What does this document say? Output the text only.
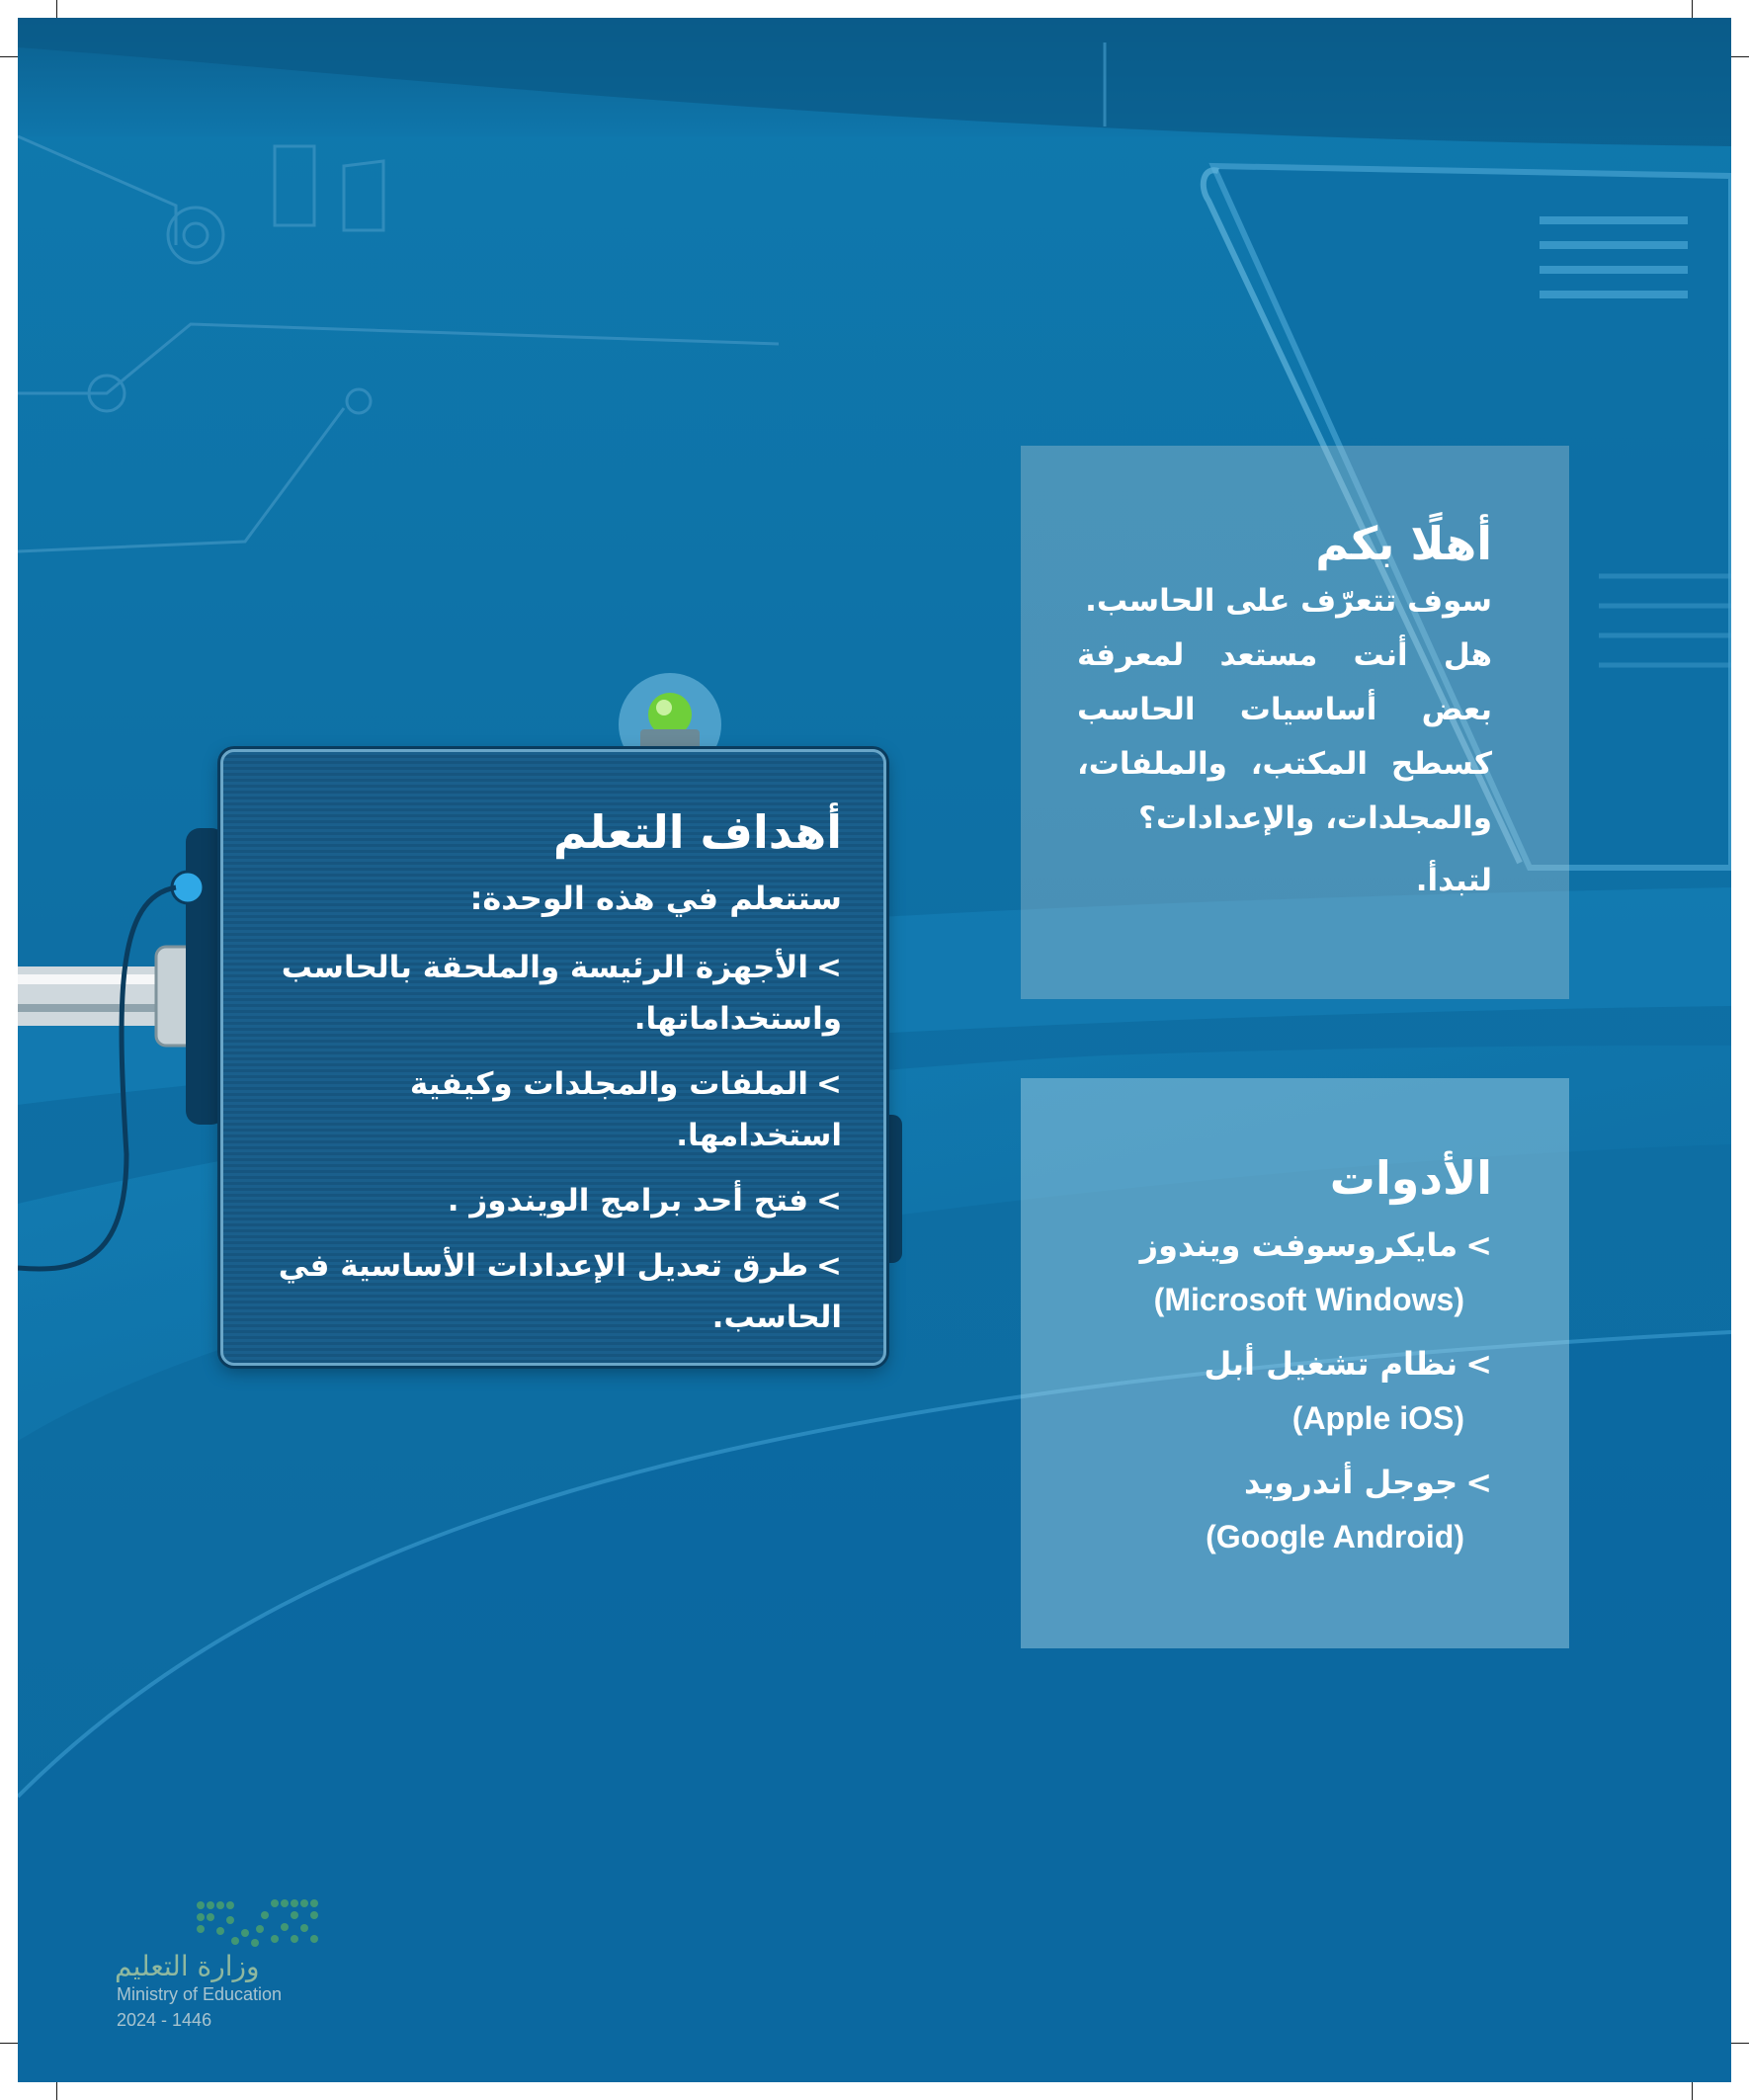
أهلًا بكم
سوف تتعرّف على الحاسب.
هل أنت مستعد لمعرفة بعض أساسيات الحاسب كسطح المكتب، والملفات، والمجلدات، والإعدادات؟
لتبدأ.
أهداف التعلم
ستتعلم في هذه الوحدة:
>الأجهزة الرئيسة والملحقة بالحاسب واستخداماتها.
>الملفات والمجلدات وكيفية استخدامها.
>فتح أحد برامج الويندوز .
>طرق تعديل الإعدادات الأساسية في الحاسب.
الأدوات
>مايكروسوفت ويندوز
(Microsoft Windows)
>نظام تشغيل أبل
(Apple iOS)
>جوجل أندرويد
(Google Android)
وزارة التعليم
Ministry of Education
2024 - 1446
